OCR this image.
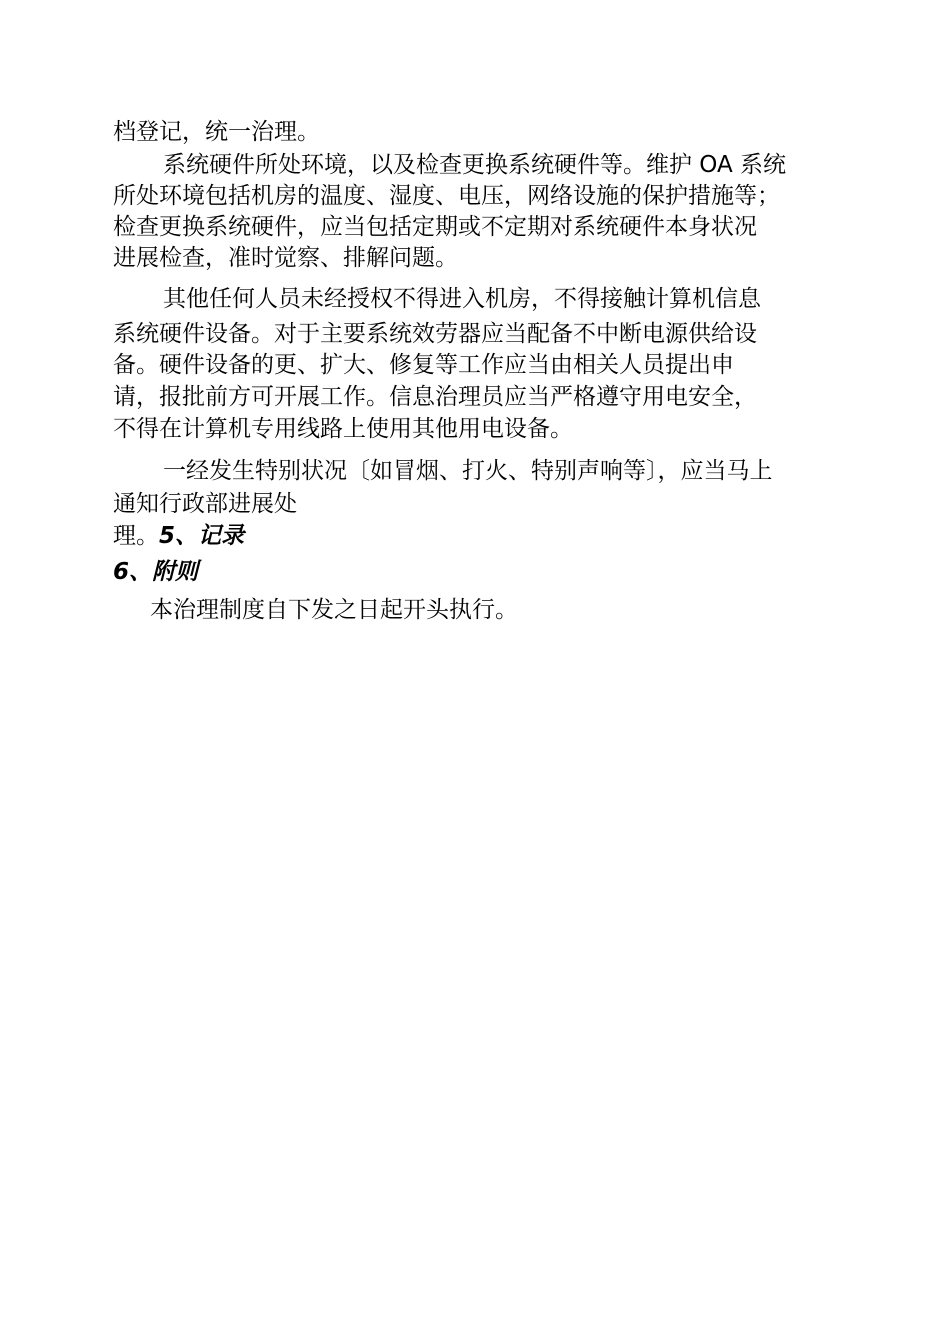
档登记，统一治理。
系统硬件所处环境，以及检查更换系统硬件等。维护 OA 系统
所处环境包括机房的温度、湿度、电压，网络设施的保护措施等；
检查更换系统硬件，应当包括定期或不定期对系统硬件本身状况
进展检查，准时觉察、排解问题。
其他任何人员未经授权不得进入机房，不得接触计算机信息
系统硬件设备。对于主要系统效劳器应当配备不中断电源供给设
备。硬件设备的更、扩大、修复等工作应当由相关人员提出申
请，报批前方可开展工作。信息治理员应当严格遵守用电安全，
不得在计算机专用线路上使用其他用电设备。
一经发生特别状况〔如冒烟、打火、特别声响等〕，应当马上
通知行政部进展处
理。5、记录
6、附则
本治理制度自下发之日起开头执行。
